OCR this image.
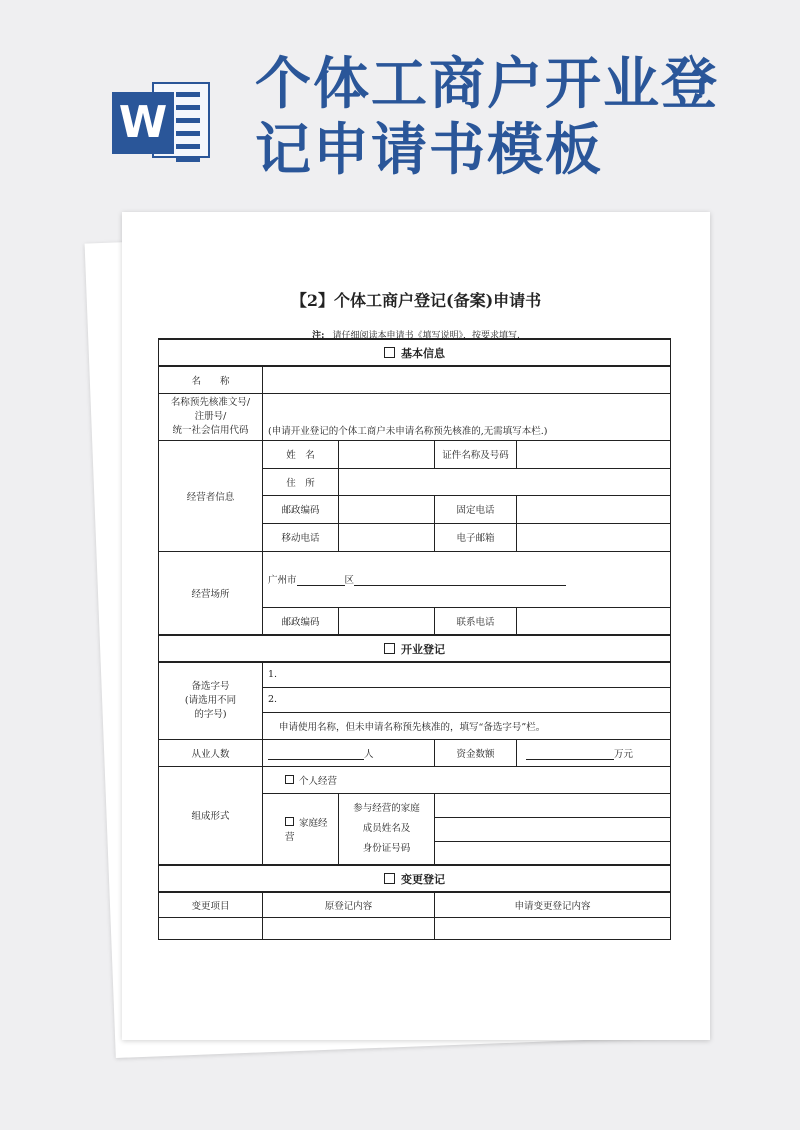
W
个体工商户开业登记申请书模板
【2】个体工商户登记(备案)申请书
注: 请仔细阅读本申请书《填写说明》，按要求填写.
基本信息				
名　　称				

名称预先核准文号/
注册号/
统一社会信用代码	(申请开业登记的个体工商户未申请名称预先核准的,无需填写本栏.)			
经营者信息	姓　名		证件名称及号码	
	住　所			
	邮政编码		固定电话	
	移动电话		电子邮箱	
经营场所	广州市 区			
	邮政编码		联系电话	
开业登记				

备选字号
(请选用不同
的字号)	1.			
	2.			
	申请使用名称，但未申请名称预先核准的，填写“备选字号”栏。			
从业人数	人		资金数额	万元
组成形式	个人经营			
	家庭经营	参与经营的家庭
成员姓名及
身份证号码		

变更登记				
变更项目	原登记内容		申请变更登记内容	
